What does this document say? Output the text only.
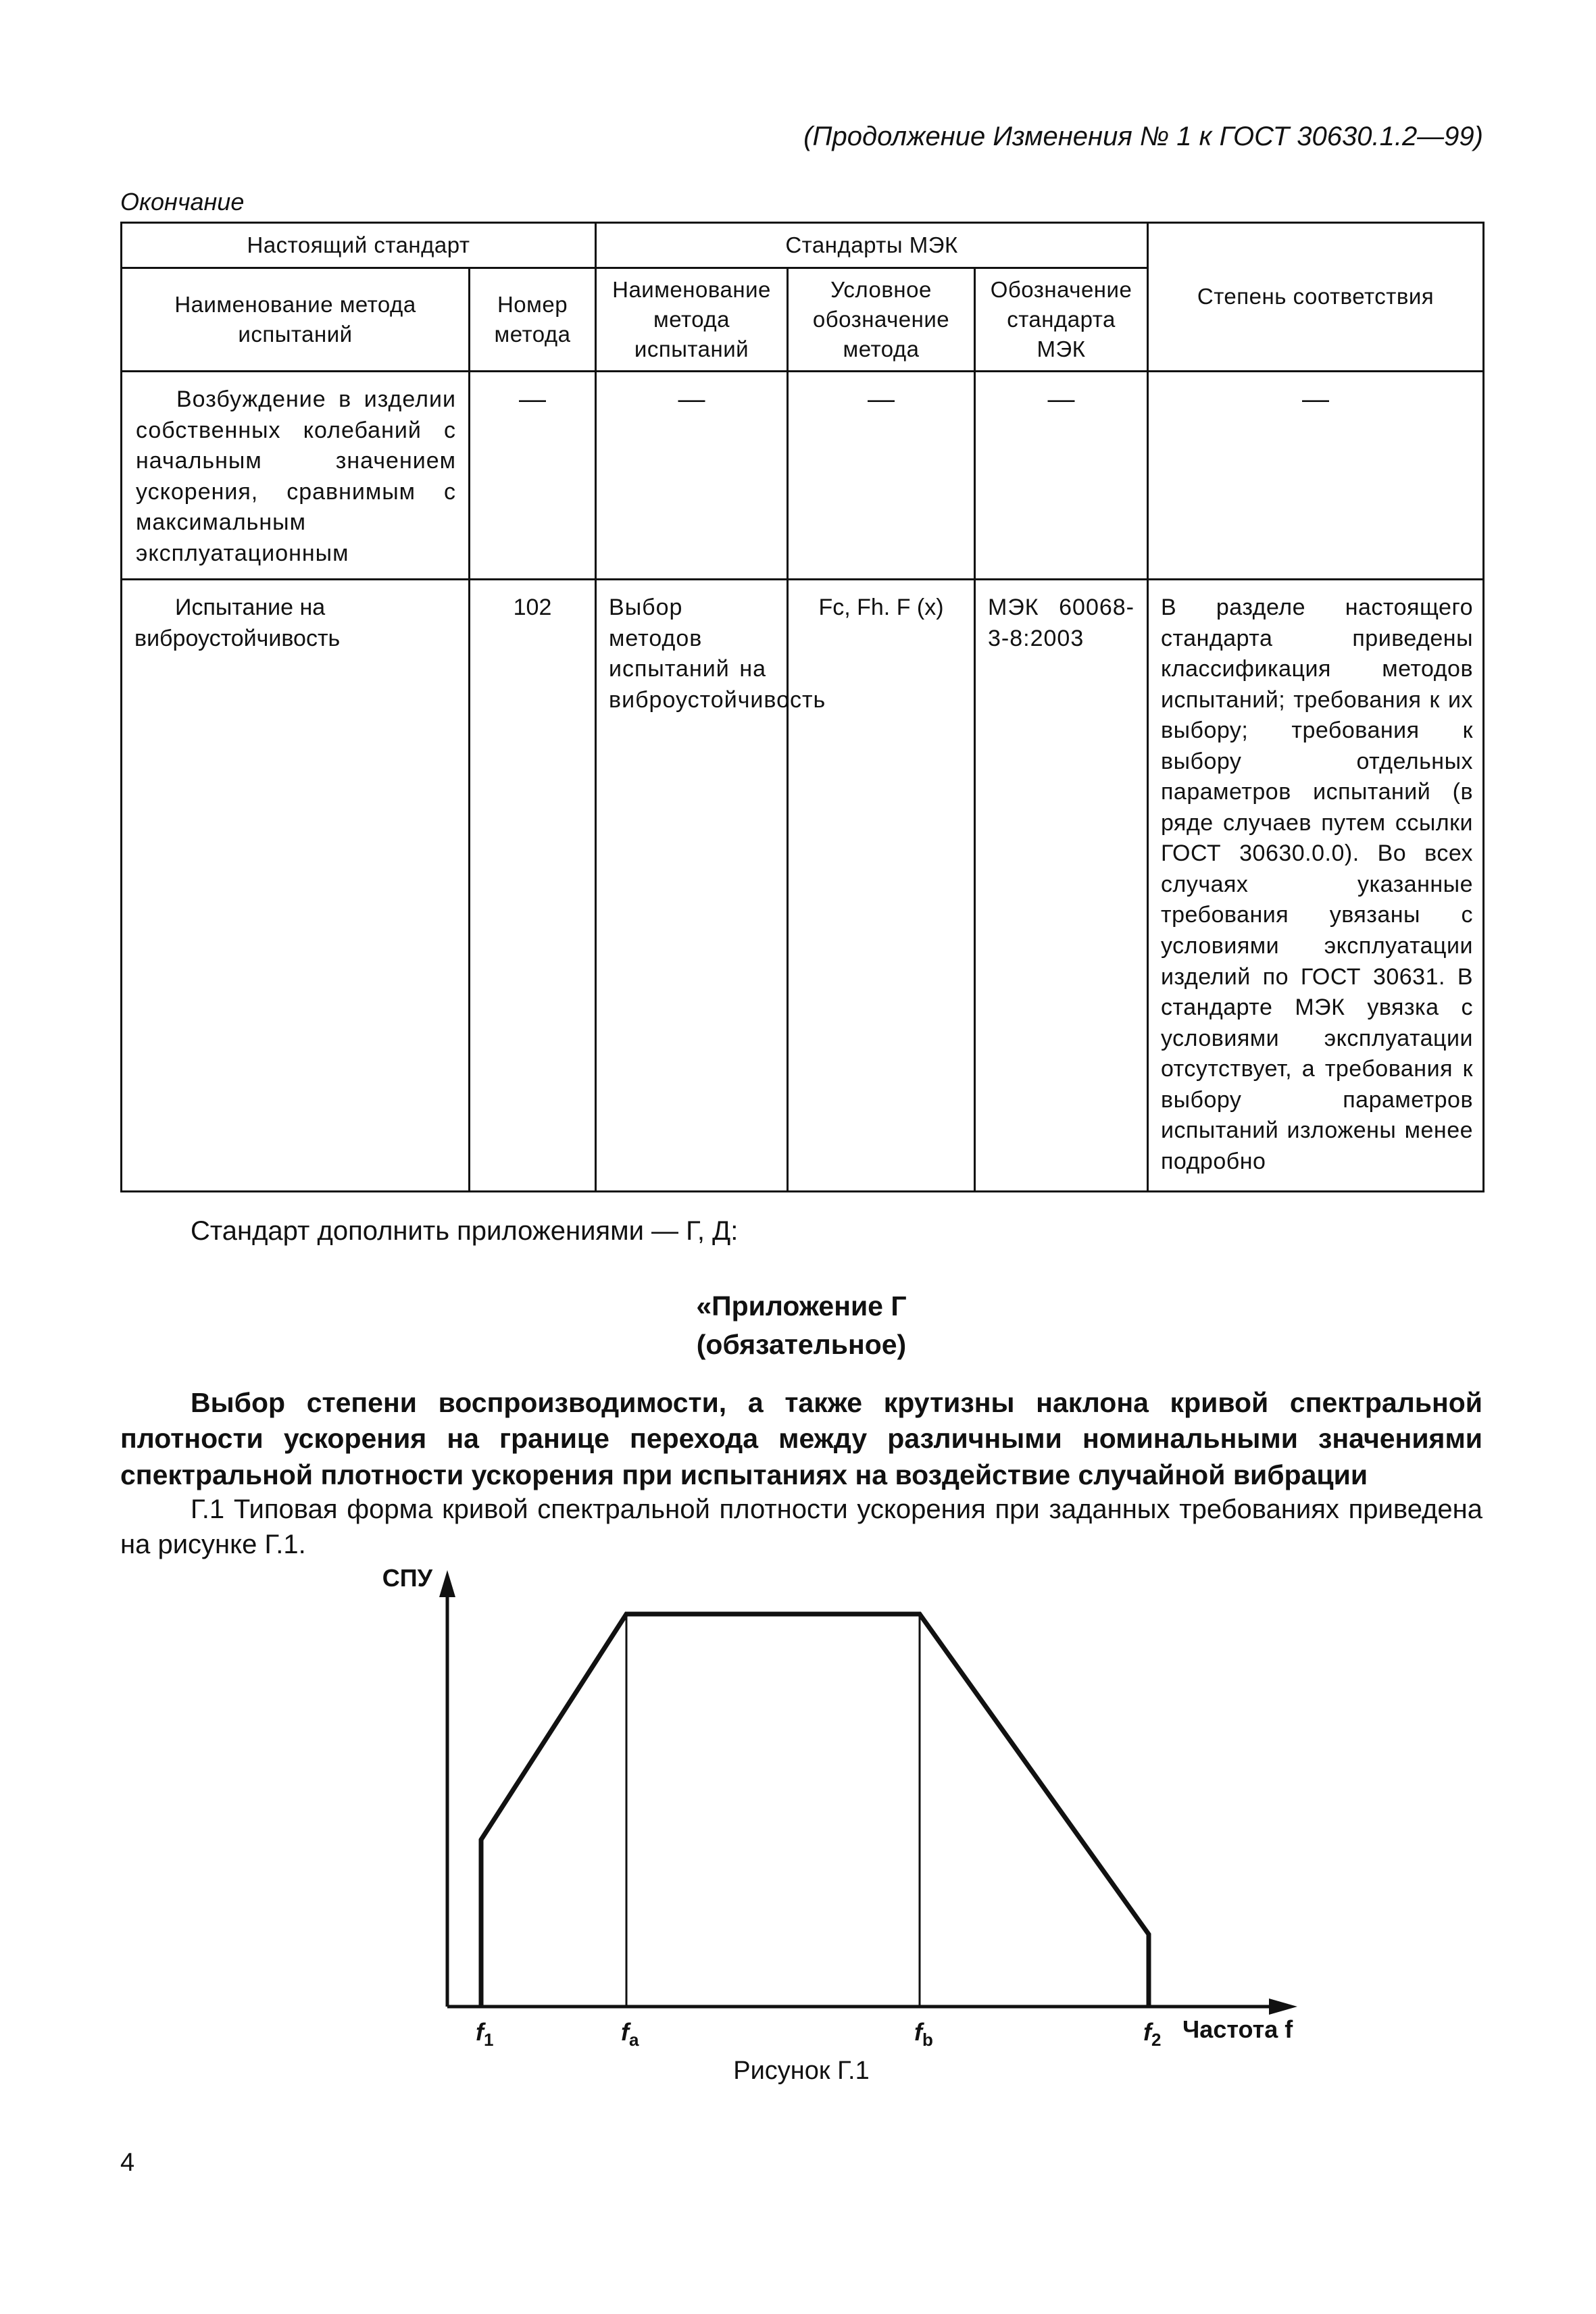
(Продолжение Изменения № 1 к ГОСТ 30630.1.2—99)
Окончание
Настоящий стандарт		Стандарты МЭК			Степень соответствия

Наименование метода испытаний	Номер метода	Наименование метода испытаний	Условное обозначение метода	Обозначение стандарта МЭК	

Возбуждение в изделии собственных колебаний с начальным значением ускорения, сравнимым с максимальным эксплуатационным	—	—	—	—	—

Испытание на виброустойчивость	102	Выбор методов испытаний на виброустойчивость	Fc, Fh. F (x)	МЭК 60068-3-8:2003	В разделе настоящего стандарта приведены классификация методов испытаний; требования к их выбору; требования к выбору отдельных параметров испытаний (в ряде случаев путем ссылки ГОСТ 30630.0.0). Во всех случаях указанные требования увязаны с условиями эксплуатации изделий по ГОСТ 30631. В стандарте МЭК увязка с условиями эксплуатации отсутствует, а требования к выбору параметров испытаний изложены менее подробно
Стандарт дополнить приложениями — Г, Д:
«Приложение Г
(обязательное)
Выбор степени воспроизводимости, а также крутизны наклона кривой спектральной плотности ускорения на границе перехода между различными номинальными значениями спектральной плотности ускорения при испытаниях на воздействие случайной вибрации
Г.1 Типовая форма кривой спектральной плотности ускорения при заданных требованиях приведена на рисунке Г.1.
СПУ
$f_1$	$f_a$	$f_b$	$f_2$ Частота f
Рисунок Г.1
4
